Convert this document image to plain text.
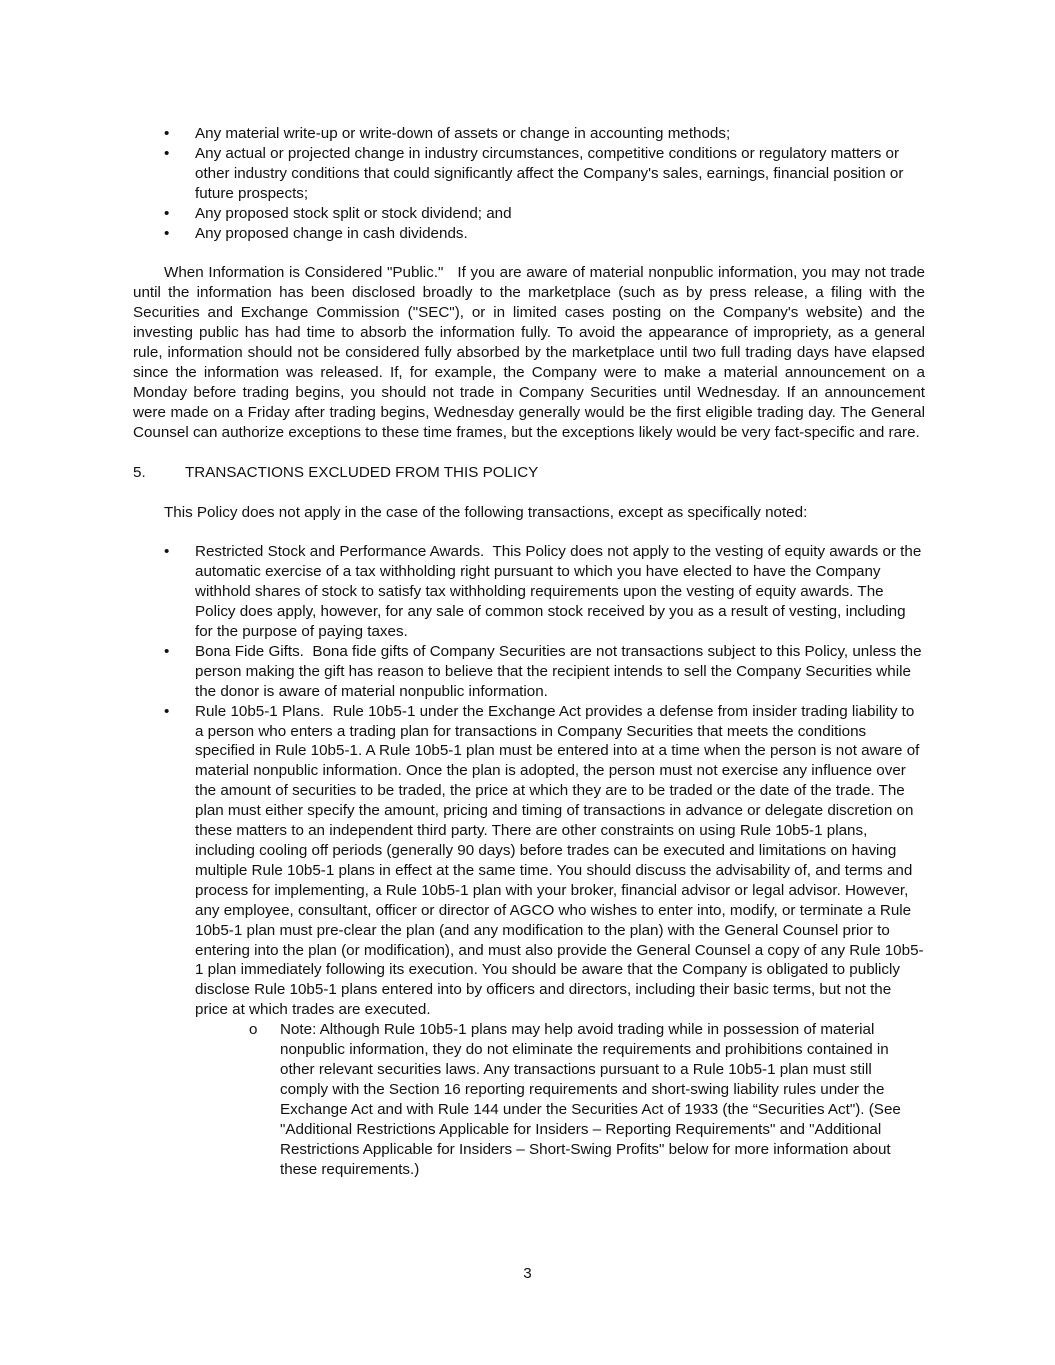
• Any material write-up or write-down of assets or change in accounting methods;
• Any actual or projected change in industry circumstances, competitive conditions or regulatory matters or other industry conditions that could significantly affect the Company's sales, earnings, financial position or future prospects;
• Any proposed stock split or stock dividend; and
• Any proposed change in cash dividends.

When Information is Considered "Public." If you are aware of material nonpublic information, you may not trade until the information has been disclosed broadly to the marketplace (such as by press release, a filing with the Securities and Exchange Commission ("SEC"), or in limited cases posting on the Company's website) and the investing public has had time to absorb the information fully. To avoid the appearance of impropriety, as a general rule, information should not be considered fully absorbed by the marketplace until two full trading days have elapsed since the information was released. If, for example, the Company were to make a material announcement on a Monday before trading begins, you should not trade in Company Securities until Wednesday. If an announcement were made on a Friday after trading begins, Wednesday generally would be the first eligible trading day. The General Counsel can authorize exceptions to these time frames, but the exceptions likely would be very fact-specific and rare.

5.	TRANSACTIONS EXCLUDED FROM THIS POLICY

This Policy does not apply in the case of the following transactions, except as specifically noted:

• Restricted Stock and Performance Awards. This Policy does not apply to the vesting of equity awards or the automatic exercise of a tax withholding right pursuant to which you have elected to have the Company withhold shares of stock to satisfy tax withholding requirements upon the vesting of equity awards. The Policy does apply, however, for any sale of common stock received by you as a result of vesting, including for the purpose of paying taxes.
• Bona Fide Gifts. Bona fide gifts of Company Securities are not transactions subject to this Policy, unless the person making the gift has reason to believe that the recipient intends to sell the Company Securities while the donor is aware of material nonpublic information.
• Rule 10b5-1 Plans. Rule 10b5-1 under the Exchange Act provides a defense from insider trading liability to a person who enters a trading plan for transactions in Company Securities that meets the conditions specified in Rule 10b5-1. A Rule 10b5-1 plan must be entered into at a time when the person is not aware of material nonpublic information. Once the plan is adopted, the person must not exercise any influence over the amount of securities to be traded, the price at which they are to be traded or the date of the trade. The plan must either specify the amount, pricing and timing of transactions in advance or delegate discretion on these matters to an independent third party. There are other constraints on using Rule 10b5-1 plans, including cooling off periods (generally 90 days) before trades can be executed and limitations on having multiple Rule 10b5-1 plans in effect at the same time. You should discuss the advisability of, and terms and process for implementing, a Rule 10b5-1 plan with your broker, financial advisor or legal advisor. However, any employee, consultant, officer or director of AGCO who wishes to enter into, modify, or terminate a Rule 10b5-1 plan must pre-clear the plan (and any modification to the plan) with the General Counsel prior to entering into the plan (or modification), and must also provide the General Counsel a copy of any Rule 10b5-1 plan immediately following its execution. You should be aware that the Company is obligated to publicly disclose Rule 10b5-1 plans entered into by officers and directors, including their basic terms, but not the price at which trades are executed.
o Note: Although Rule 10b5-1 plans may help avoid trading while in possession of material nonpublic information, they do not eliminate the requirements and prohibitions contained in other relevant securities laws. Any transactions pursuant to a Rule 10b5-1 plan must still comply with the Section 16 reporting requirements and short-swing liability rules under the Exchange Act and with Rule 144 under the Securities Act of 1933 (the “Securities Act"). (See "Additional Restrictions Applicable for Insiders – Reporting Requirements" and "Additional Restrictions Applicable for Insiders – Short-Swing Profits" below for more information about these requirements.)
3
